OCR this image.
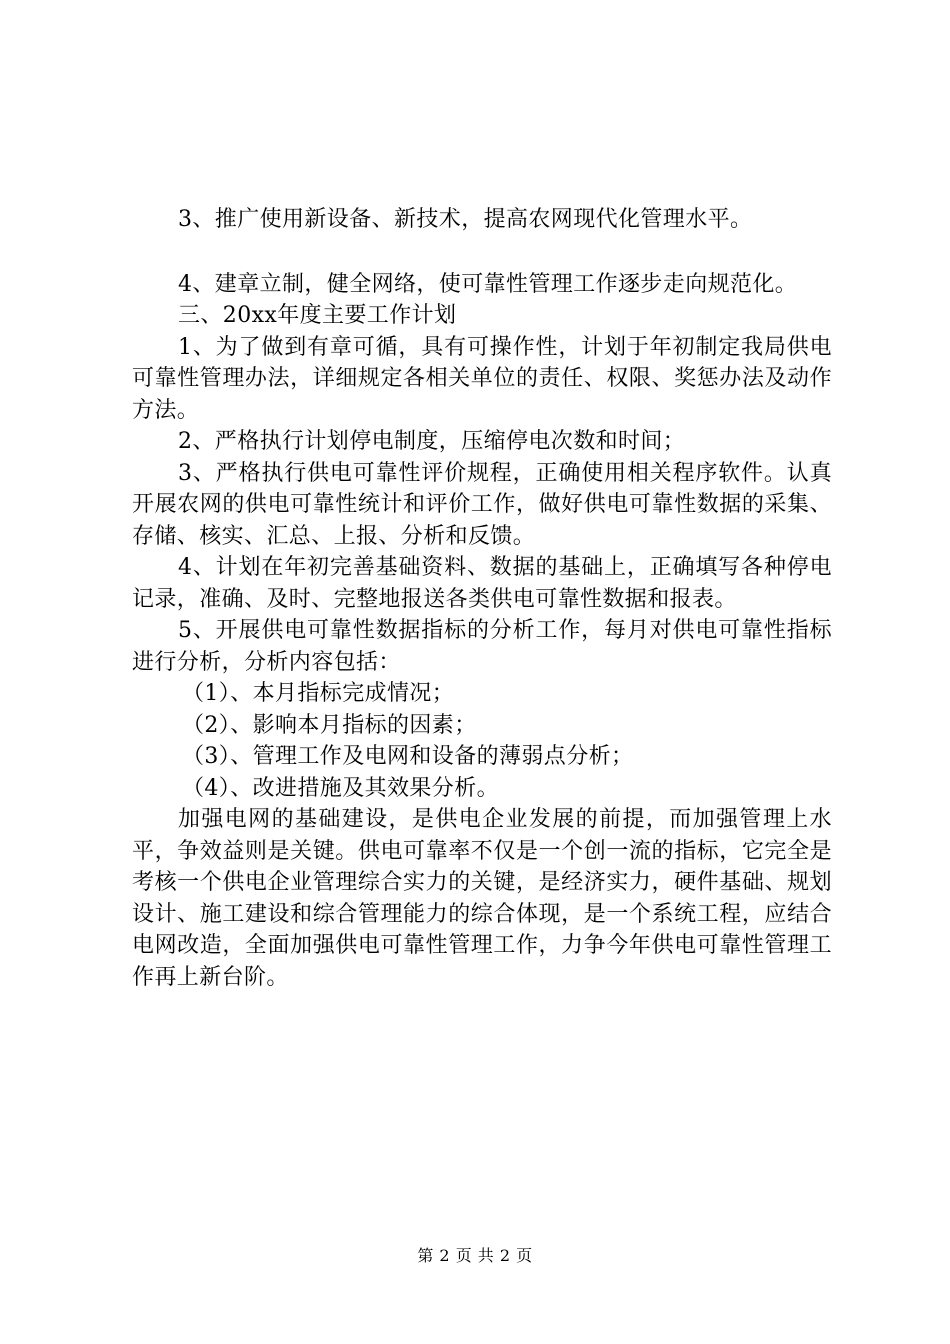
3、推广使用新设备、新技术，提高农网现代化管理水平。

4、建章立制，健全网络，使可靠性管理工作逐步走向规范化。

三、20xx年度主要工作计划

1、为了做到有章可循，具有可操作性，计划于年初制定我局供电可靠性管理办法，详细规定各相关单位的责任、权限、奖惩办法及动作方法。

2、严格执行计划停电制度，压缩停电次数和时间；

3、严格执行供电可靠性评价规程，正确使用相关程序软件。认真开展农网的供电可靠性统计和评价工作，做好供电可靠性数据的采集、存储、核实、汇总、上报、分析和反馈。

4、计划在年初完善基础资料、数据的基础上，正确填写各种停电记录，准确、及时、完整地报送各类供电可靠性数据和报表。

5、开展供电可靠性数据指标的分析工作，每月对供电可靠性指标进行分析，分析内容包括：

（1）、本月指标完成情况；

（2）、影响本月指标的因素；

（3）、管理工作及电网和设备的薄弱点分析；

（4）、改进措施及其效果分析。

加强电网的基础建设，是供电企业发展的前提，而加强管理上水平，争效益则是关键。供电可靠率不仅是一个创一流的指标，它完全是考核一个供电企业管理综合实力的关键，是经济实力，硬件基础、规划设计、施工建设和综合管理能力的综合体现，是一个系统工程，应结合电网改造，全面加强供电可靠性管理工作，力争今年供电可靠性管理工作再上新台阶。

第 2 页 共 2 页
